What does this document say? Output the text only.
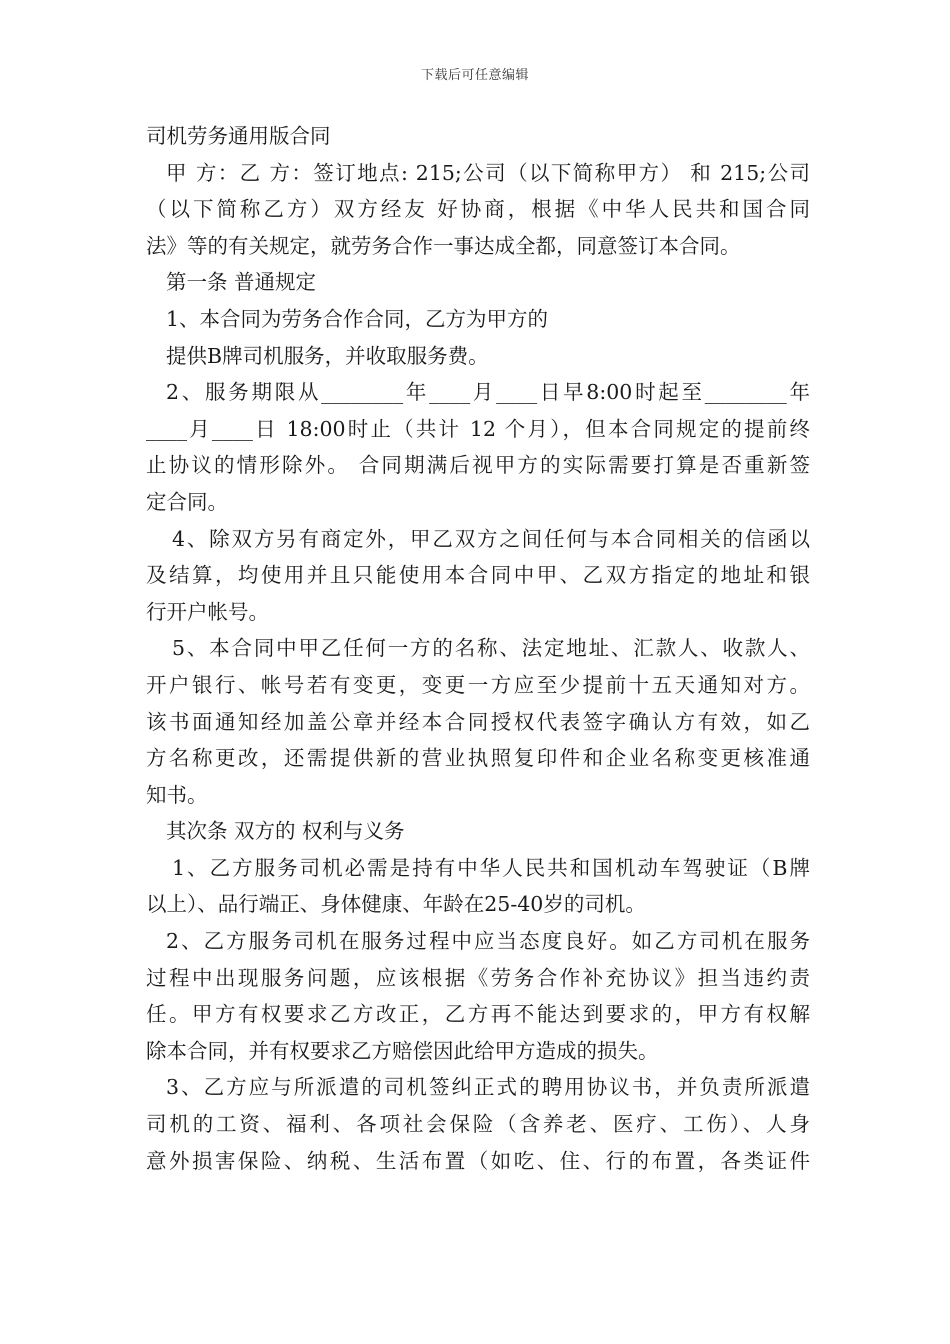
下载后可任意编辑
司机劳务通用版合同
甲 方：乙 方：签订地点: 215;公司（以下简称甲方） 和 215;公司
（以下简称乙方）双方经友 好协商，根据《中华人民共和国合同
法》等的有关规定，就劳务合作一事达成全都，同意签订本合同。
第一条 普通规定
1、本合同为劳务合作合同，乙方为甲方的
提供B牌司机服务，并收取服务费。
2、服务期限从________年____月____日早8:00时起至________年
____月____日 18:00时止（共计 12 个月），但本合同规定的提前终
止协议的情形除外。 合同期满后视甲方的实际需要打算是否重新签
定合同。
4、除双方另有商定外，甲乙双方之间任何与本合同相关的信函以
及结算，均使用并且只能使用本合同中甲、乙双方指定的地址和银
行开户帐号。
5、本合同中甲乙任何一方的名称、法定地址、汇款人、收款人、
开户银行、帐号若有变更，变更一方应至少提前十五天通知对方。
该书面通知经加盖公章并经本合同授权代表签字确认方有效，如乙
方名称更改，还需提供新的营业执照复印件和企业名称变更核准通
知书。
其次条 双方的 权利与义务
1、乙方服务司机必需是持有中华人民共和国机动车驾驶证（B牌
以上）、品行端正、身体健康、年龄在25-40岁的司机。
2、乙方服务司机在服务过程中应当态度良好。如乙方司机在服务
过程中出现服务问题，应该根据《劳务合作补充协议》担当违约责
任。甲方有权要求乙方改正，乙方再不能达到要求的，甲方有权解
除本合同，并有权要求乙方赔偿因此给甲方造成的损失。
3、乙方应与所派遣的司机签纠正式的聘用协议书，并负责所派遣
司机的工资、福利、各项社会保险（含养老、医疗、工伤）、人身
意外损害保险、纳税、生活布置（如吃、住、行的布置，各类证件
